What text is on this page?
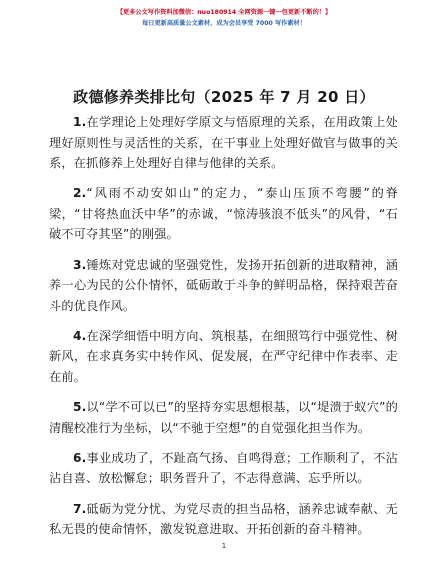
【更多公文写作资料加微信：nuo180914 全网资源一键一包更新不断的！】
每日更新高质量公文素材，成为会员享受 7000 写作素材！
政德修养类排比句（2025 年 7 月 20 日）

1.在学理论上处理好学原文与悟原理的关系，在用政策上处理好原则性与灵活性的关系，在干事业上处理好做官与做事的关系，在抓修养上处理好自律与他律的关系。

2.“风雨不动安如山”的定力，“泰山压顶不弯腰”的脊梁，“甘将热血沃中华”的赤诚，“惊涛骇浪不低头”的风骨，“石破不可夺其坚”的刚强。

3.锤炼对党忠诚的坚强党性，发扬开拓创新的进取精神，涵养一心为民的公仆情怀，砥砺敢于斗争的鲜明品格，保持艰苦奋斗的优良作风。

4.在深学细悟中明方向、筑根基，在细照笃行中强党性、树新风，在求真务实中转作风、促发展，在严守纪律中作表率、走在前。

5.以“学不可以已”的坚持夯实思想根基，以“堤溃于蚁穴”的清醒校准行为坐标，以“不驰于空想”的自觉强化担当作为。

6.事业成功了，不趾高气扬、自鸣得意；工作顺利了，不沾沾自喜、放松懈怠；职务晋升了，不志得意满、忘乎所以。

7.砥砺为党分忧、为党尽责的担当品格，涵养忠诚奉献、无私无畏的使命情怀，激发锐意进取、开拓创新的奋斗精神。

1
